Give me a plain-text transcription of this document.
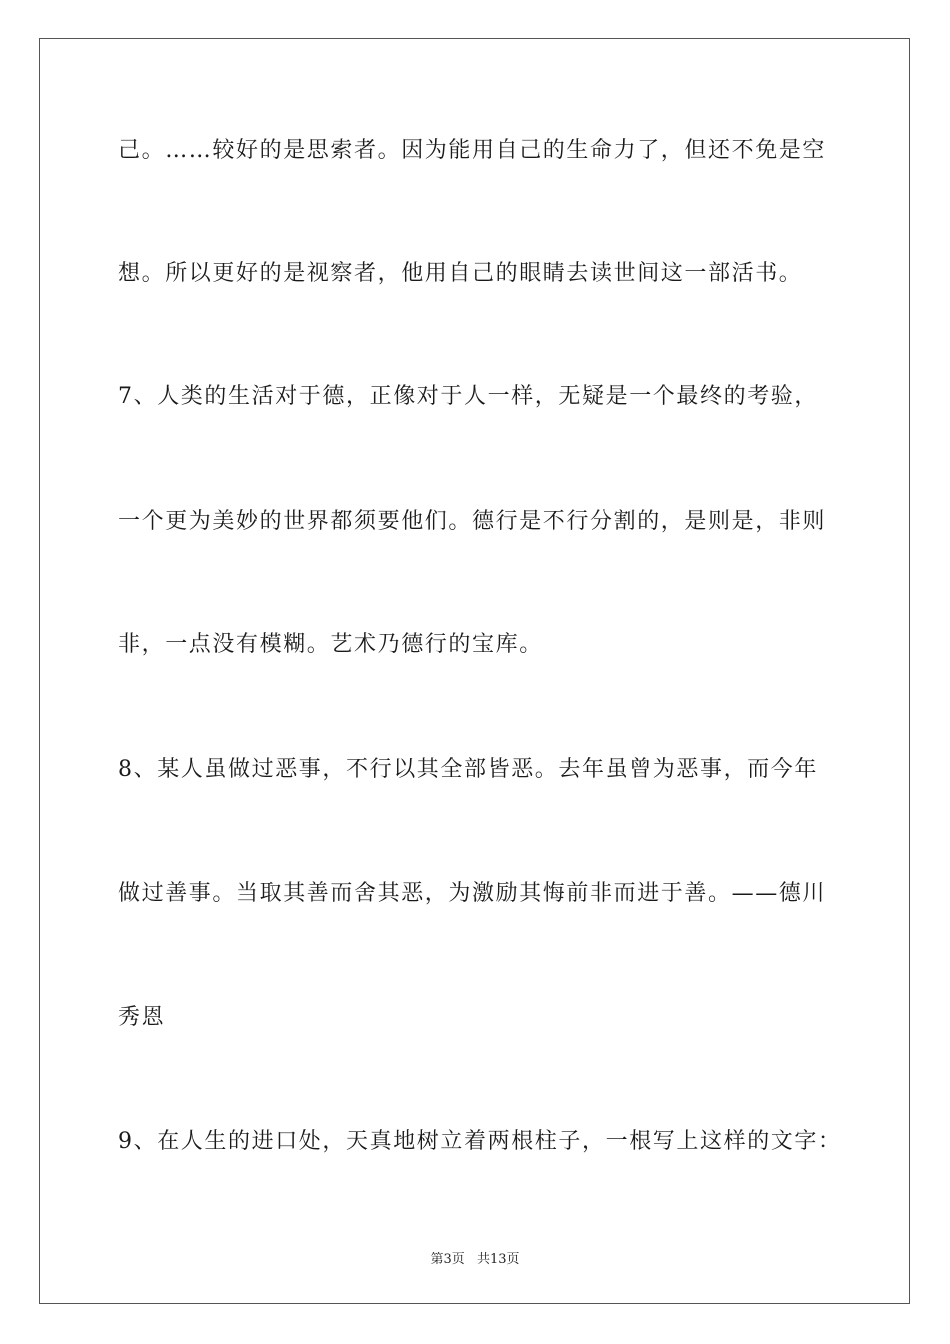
己。……较好的是思索者。因为能用自己的生命力了，但还不免是空
想。所以更好的是视察者，他用自己的眼睛去读世间这一部活书。
7、人类的生活对于德，正像对于人一样，无疑是一个最终的考验，
一个更为美妙的世界都须要他们。德行是不行分割的，是则是，非则
非，一点没有模糊。艺术乃德行的宝库。
8、某人虽做过恶事，不行以其全部皆恶。去年虽曾为恶事，而今年
做过善事。当取其善而舍其恶，为激励其悔前非而进于善。——德川
秀恩
9、在人生的进口处，天真地树立着两根柱子，一根写上这样的文字：
第3页 共13页
